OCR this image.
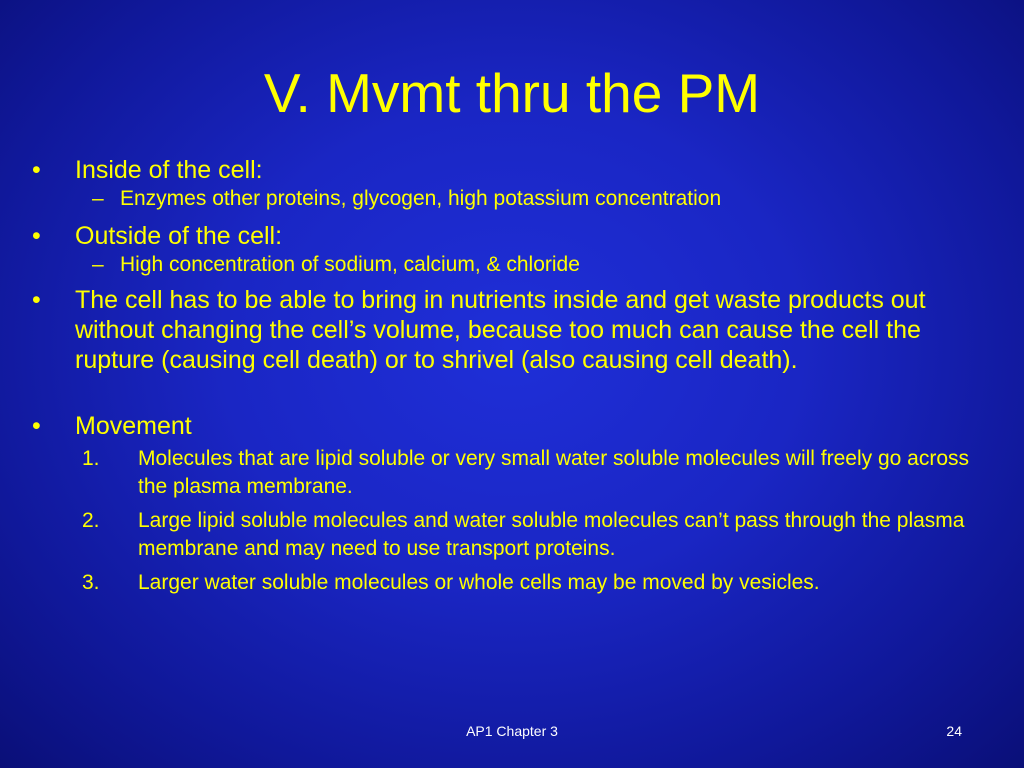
V. Mvmt thru the PM
• Inside of the cell:
– Enzymes other proteins, glycogen, high potassium concentration
• Outside of the cell:
– High concentration of sodium, calcium, & chloride
• The cell has to be able to bring in nutrients inside and get waste products out without changing the cell’s volume, because too much can cause the cell the rupture (causing cell death) or to shrivel (also causing cell death).
• Movement
1. Molecules that are lipid soluble or very small water soluble molecules will freely go across the plasma membrane.
2. Large lipid soluble molecules and water soluble molecules can’t pass through the plasma membrane and may need to use transport proteins.
3. Larger water soluble molecules or whole cells may be moved by vesicles.
AP1 Chapter 3	24
